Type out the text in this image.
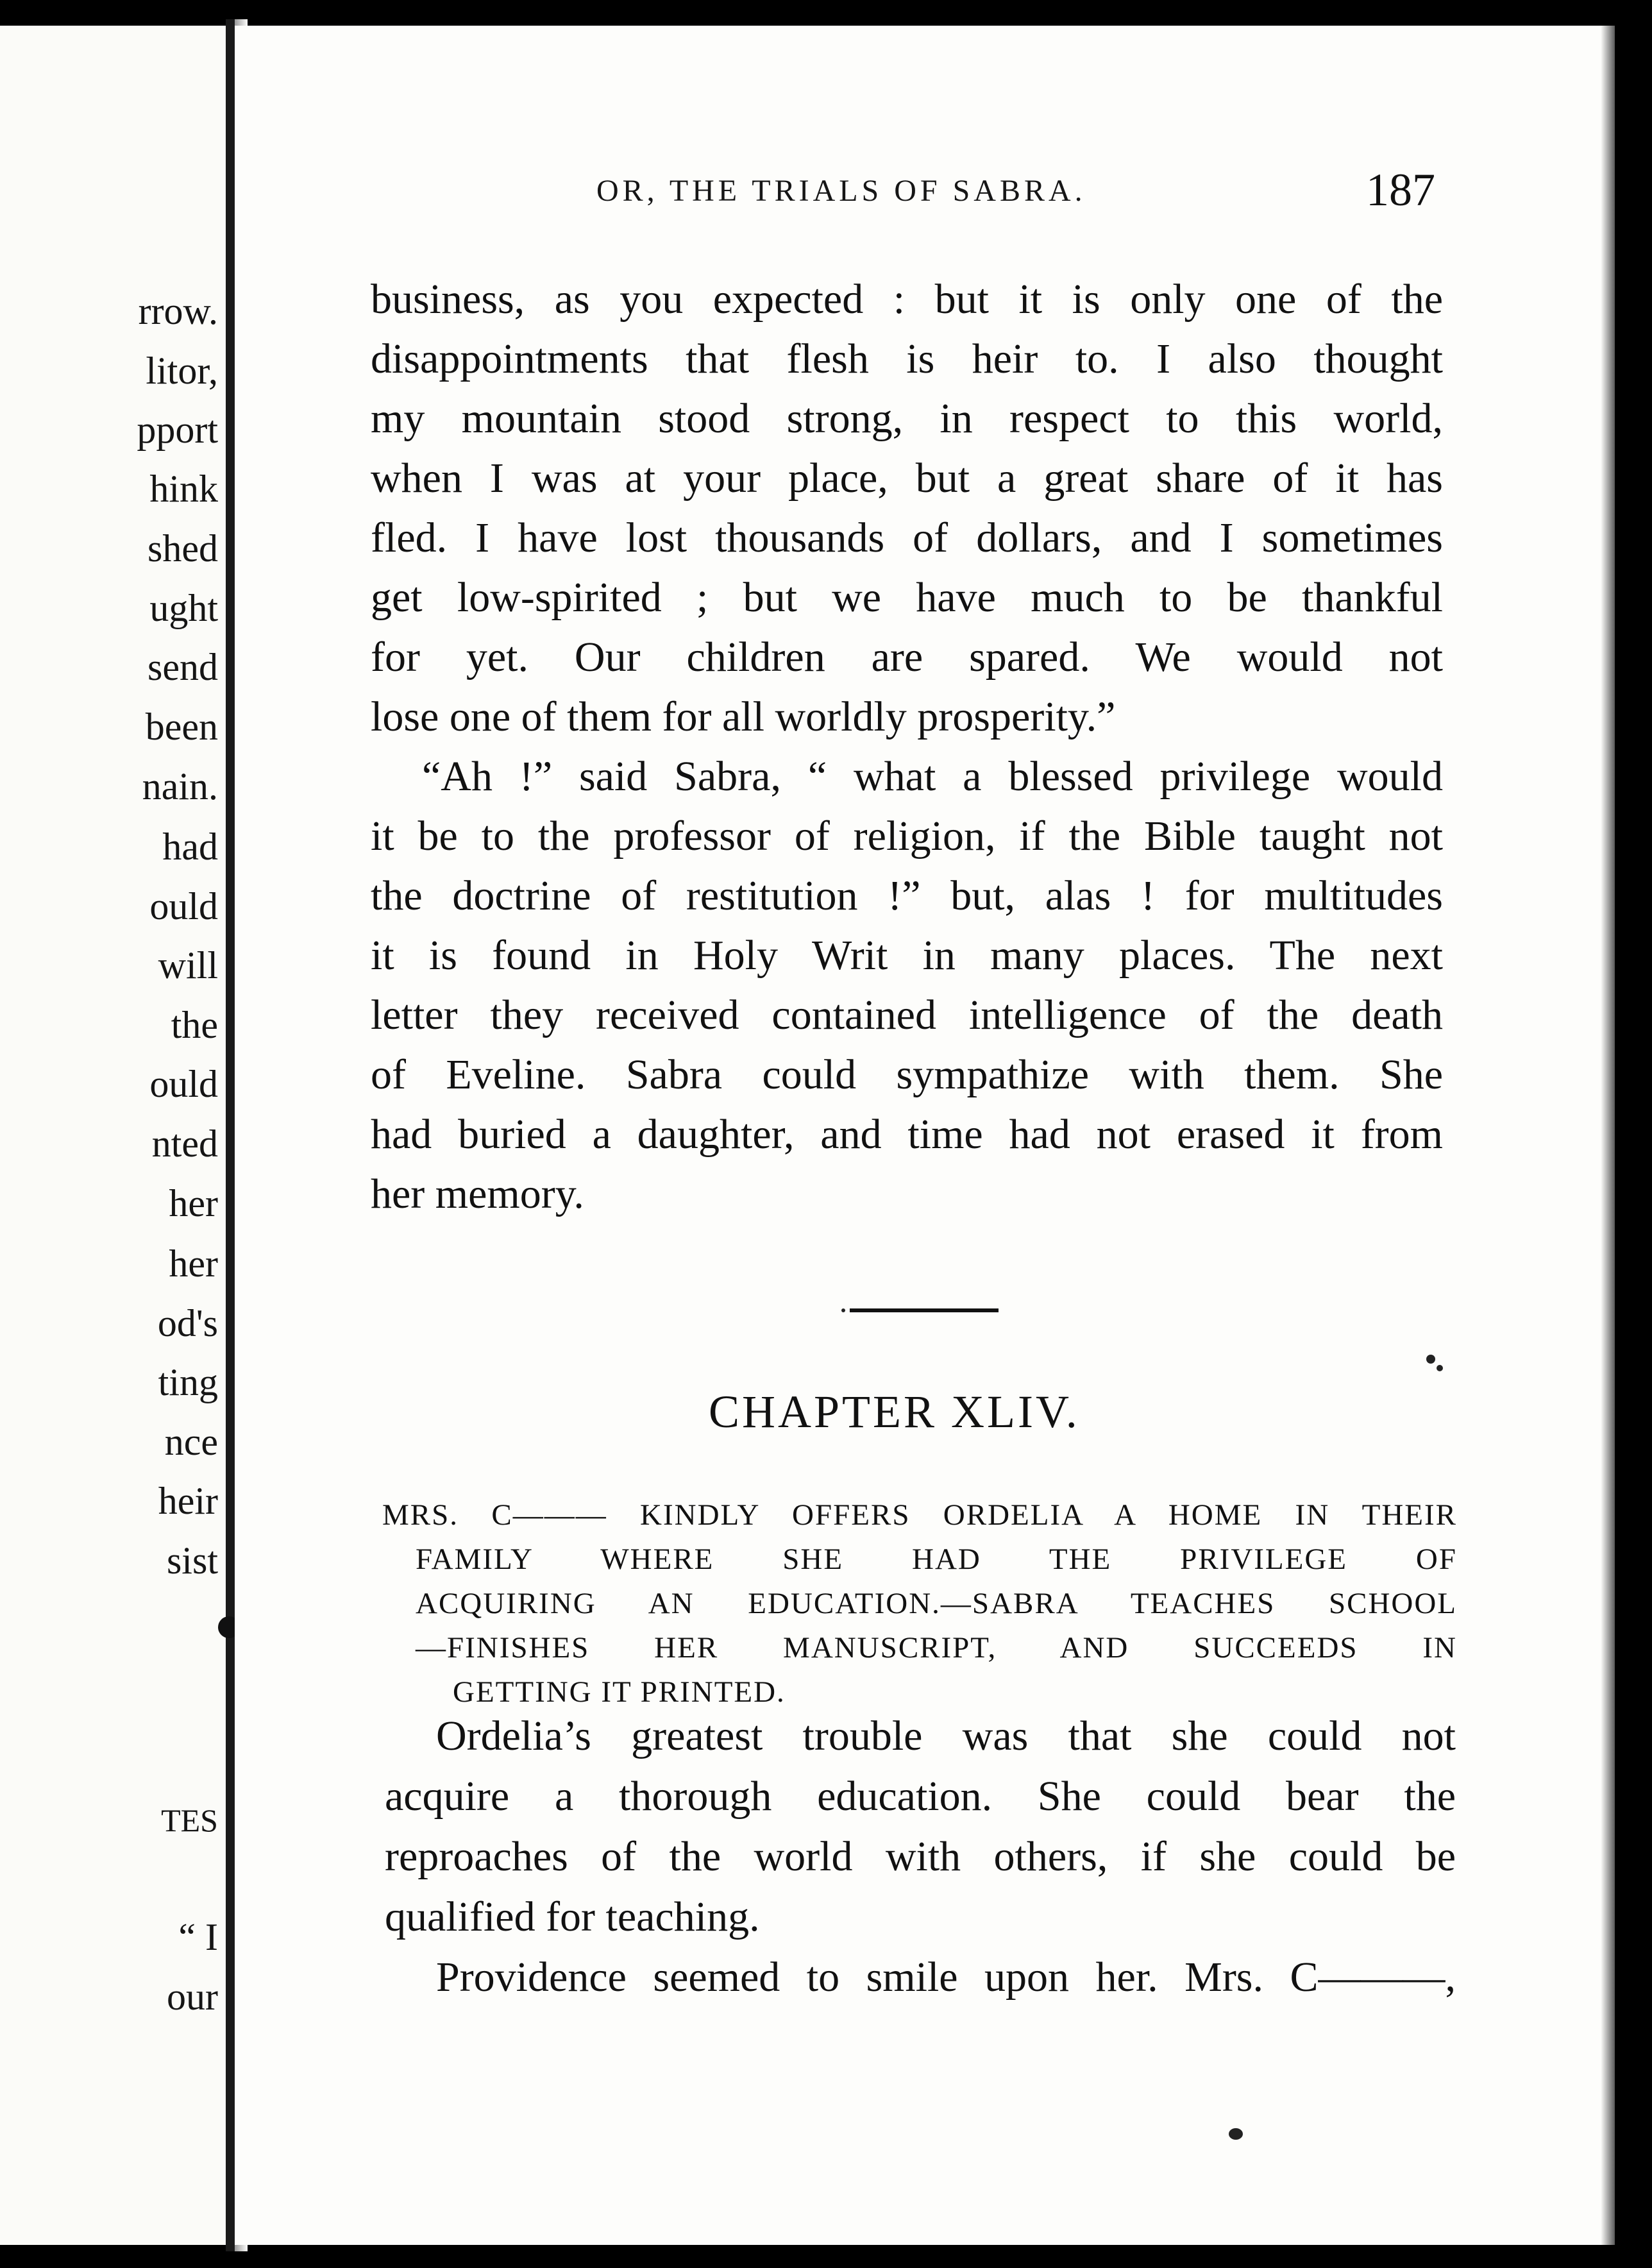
rrow.
litor,
pport
hink
shed
ught
send
been
nain.
had
ould
will
the
ould
nted
her
her
od's
ting
nce
heir
sist
TES
“ I
our
OR, THE TRIALS OF SABRA.	187
business, as you expected : but it is only one of the
disappointments that flesh is heir to. I also thought
my mountain stood strong, in respect to this world,
when I was at your place, but a great share of it has
fled. I have lost thousands of dollars, and I sometimes
get low-spirited ; but we have much to be thankful
for yet. Our children are spared. We would not
lose one of them for all worldly prosperity.”
“Ah !” said Sabra, “ what a blessed privilege would
it be to the professor of religion, if the Bible taught not
the doctrine of restitution !” but, alas ! for multitudes
it is found in Holy Writ in many places. The next
letter they received contained intelligence of the death
of Eveline. Sabra could sympathize with them. She
had buried a daughter, and time had not erased it from
her memory.
CHAPTER XLIV.
MRS. C——— KINDLY OFFERS ORDELIA A HOME IN THEIR
FAMILY WHERE SHE HAD THE PRIVILEGE OF
ACQUIRING AN EDUCATION.—SABRA TEACHES SCHOOL
—FINISHES HER MANUSCRIPT, AND SUCCEEDS IN
GETTING IT PRINTED.
Ordelia’s greatest trouble was that she could not
acquire a thorough education. She could bear the
reproaches of the world with others, if she could be
qualified for teaching.
Providence seemed to smile upon her. Mrs. C———,
